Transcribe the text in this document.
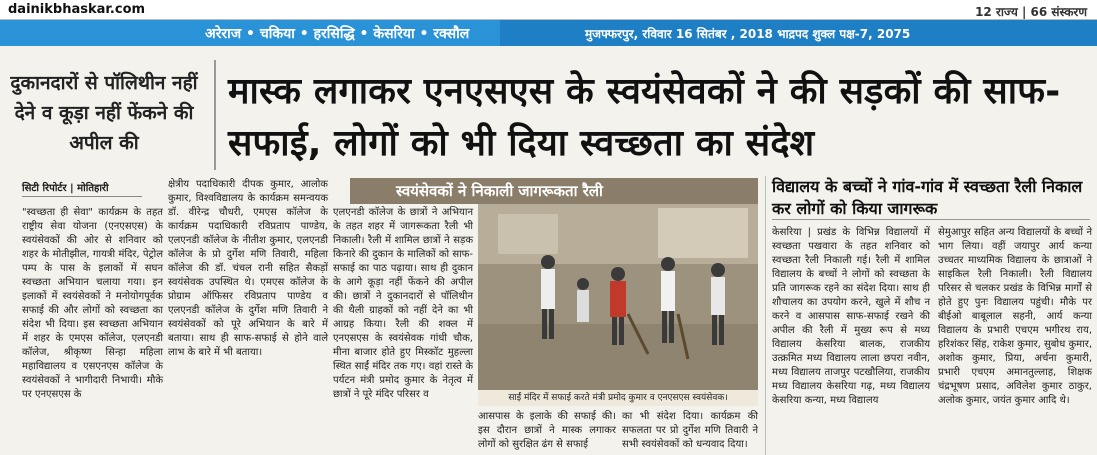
dainikbhaskar.com	12 राज्य | 66 संस्करण
अरेराज • चकिया • हरसिद्धि • केसरिया • रक्सौल	मुजफ्फरपुर, रविवार 16 सितंबर , 2018 भाद्रपद शुक्ल पक्ष-7, 2075
दुकानदारों से पॉलिथीन नहीं देने व कूड़ा नहीं फेंकने की अपील की
मास्क लगाकर एनएसएस के स्वयंसेवकों ने की सड़कों की साफ-सफाई, लोगों को भी दिया स्वच्छता का संदेश
सिटी रिपोर्टर | मोतिहारी

"स्वच्छता ही सेवा" कार्यक्रम के तहत राष्ट्रीय सेवा योजना (एनएसएस) के स्वयंसेवकों की ओर से शनिवार को शहर के मोतीझील, गायत्री मंदिर, पेट्रोल पम्प के पास के इलाकों में सघन स्वच्छता अभियान चलाया गया। इन इलाकों में स्वयंसेवकों ने मनोयोगपूर्वक सफाई की और लोगों को स्वच्छता का संदेश भी दिया। इस स्वच्छता अभियान में शहर के एमएस कॉलेज, एलएनडी कॉलेज, श्रीकृष्ण सिन्हा महिला महाविद्यालय व एसएनएस कॉलेज के स्वयंसेवकों ने भागीदारी निभायी। मौके पर एनएसएस के

क्षेत्रीय पदाधिकारी दीपक कुमार, आलोक कुमार, विश्वविद्यालय के कार्यक्रम समन्वयक डॉ. वीरेन्द्र चौधरी, एमएस कॉलेज के कार्यक्रम पदाधिकारी रविप्रताप पाण्डेय, एलएनडी कॉलेज के नीतीश कुमार, एलएनडी कॉलेज के प्रो दुर्गेश मणि तिवारी, महिला कॉलेज की डॉ. चंचल रानी सहित सैकड़ों स्वयंसेवक उपस्थित थे। एमएस कॉलेज के प्रोग्राम ऑफिसर रविप्रताप पाण्डेय व एलएनडी कॉलेज के दुर्गेश मणि तिवारी ने स्वयंसेवकों को पूरे अभियान के बारे में बताया। साथ ही साफ-सफाई से होने वाले लाभ के बारे में भी बताया।

स्वयंसेवकों ने निकाली जागरूकता रैली

एलएनडी कॉलेज के छात्रों ने अभियान के तहत शहर में जागरूकता रैली भी निकाली। रैली में शामिल छात्रों ने सड़क किनारे की दुकान के मालिकों को साफ-सफाई का पाठ पढ़ाया। साथ ही दुकान के आगे कूड़ा नहीं फेंकने की अपील की। छात्रों ने दुकानदारों से पॉलिथीन की थैली ग्राहकों को नहीं देने का भी आग्रह किया। रैली की शक्ल में एनएसएस के स्वयंसेवक गांधी चौक, मीना बाजार होते हुए मिस्कॉट मुहल्ला स्थित साईं मंदिर तक गए। वहां रास्ते के पर्यटन मंत्री प्रमोद कुमार के नेतृत्व में छात्रों ने पूरे मंदिर परिसर व	साईं मंदिर में सफाई करते मंत्री प्रमोद कुमार व एनएसएस स्वयंसेवक।

आसपास के इलाके की सफाई की। इस दौरान छात्रों ने मास्क लगाकर लोगों को सुरक्षित ढंग से सफाई

का भी संदेश दिया। कार्यक्रम की सफलता पर प्रो दुर्गेश मणि तिवारी ने सभी स्वयंसेवकों को धन्यवाद दिया।

विद्यालय के बच्चों ने गांव-गांव में स्वच्छता रैली निकाल कर लोगों को किया जागरूक

केसरिया | प्रखंड के विभिन्न विद्यालयों में स्वच्छता पखवारा के तहत शनिवार को स्वच्छता रैली निकाली गई। रैली में शामिल विद्यालय के बच्चों ने लोगों को स्वच्छता के प्रति जागरूक रहने का संदेश दिया। साथ ही शौचालय का उपयोग करने, खुले में शौच न करने व आसपास साफ-सफाई रखने की अपील की रैली में मुख्य रूप से मध्य विद्यालय केसरिया बालक, राजकीय उत्क्रमित मध्य विद्यालय लाला छपरा नवीन, मध्य विद्यालय ताजपुर पटखौलिया, राजकीय मध्य विद्यालय केसरिया गढ़, मध्य विद्यालय केसरिया कन्या, मध्य विद्यालय

सेमुआपुर सहित अन्य विद्यालयों के बच्चों ने भाग लिया। वहीं जयापुर आर्य कन्या उच्चतर माध्यमिक विद्यालय के छात्राओं ने साइकिल रैली निकाली। रैली विद्यालय परिसर से चलकर प्रखंड के विभिन्न मार्गों से होते हुए पुनः विद्यालय पहुंची। मौके पर बीईओ बाबूलाल सहनी, आर्य कन्या विद्यालय के प्रभारी एचएम भगीरथ राय, हरिशंकर सिंह, राकेश कुमार, सुबोध कुमार, अशोक कुमार, प्रिया, अर्चना कुमारी, प्रभारी एचएम अमानतुल्लाह, शिक्षक चंद्रभूषण प्रसाद, अविलेश कुमार ठाकुर, अलोक कुमार, जयंत कुमार आदि थे।
